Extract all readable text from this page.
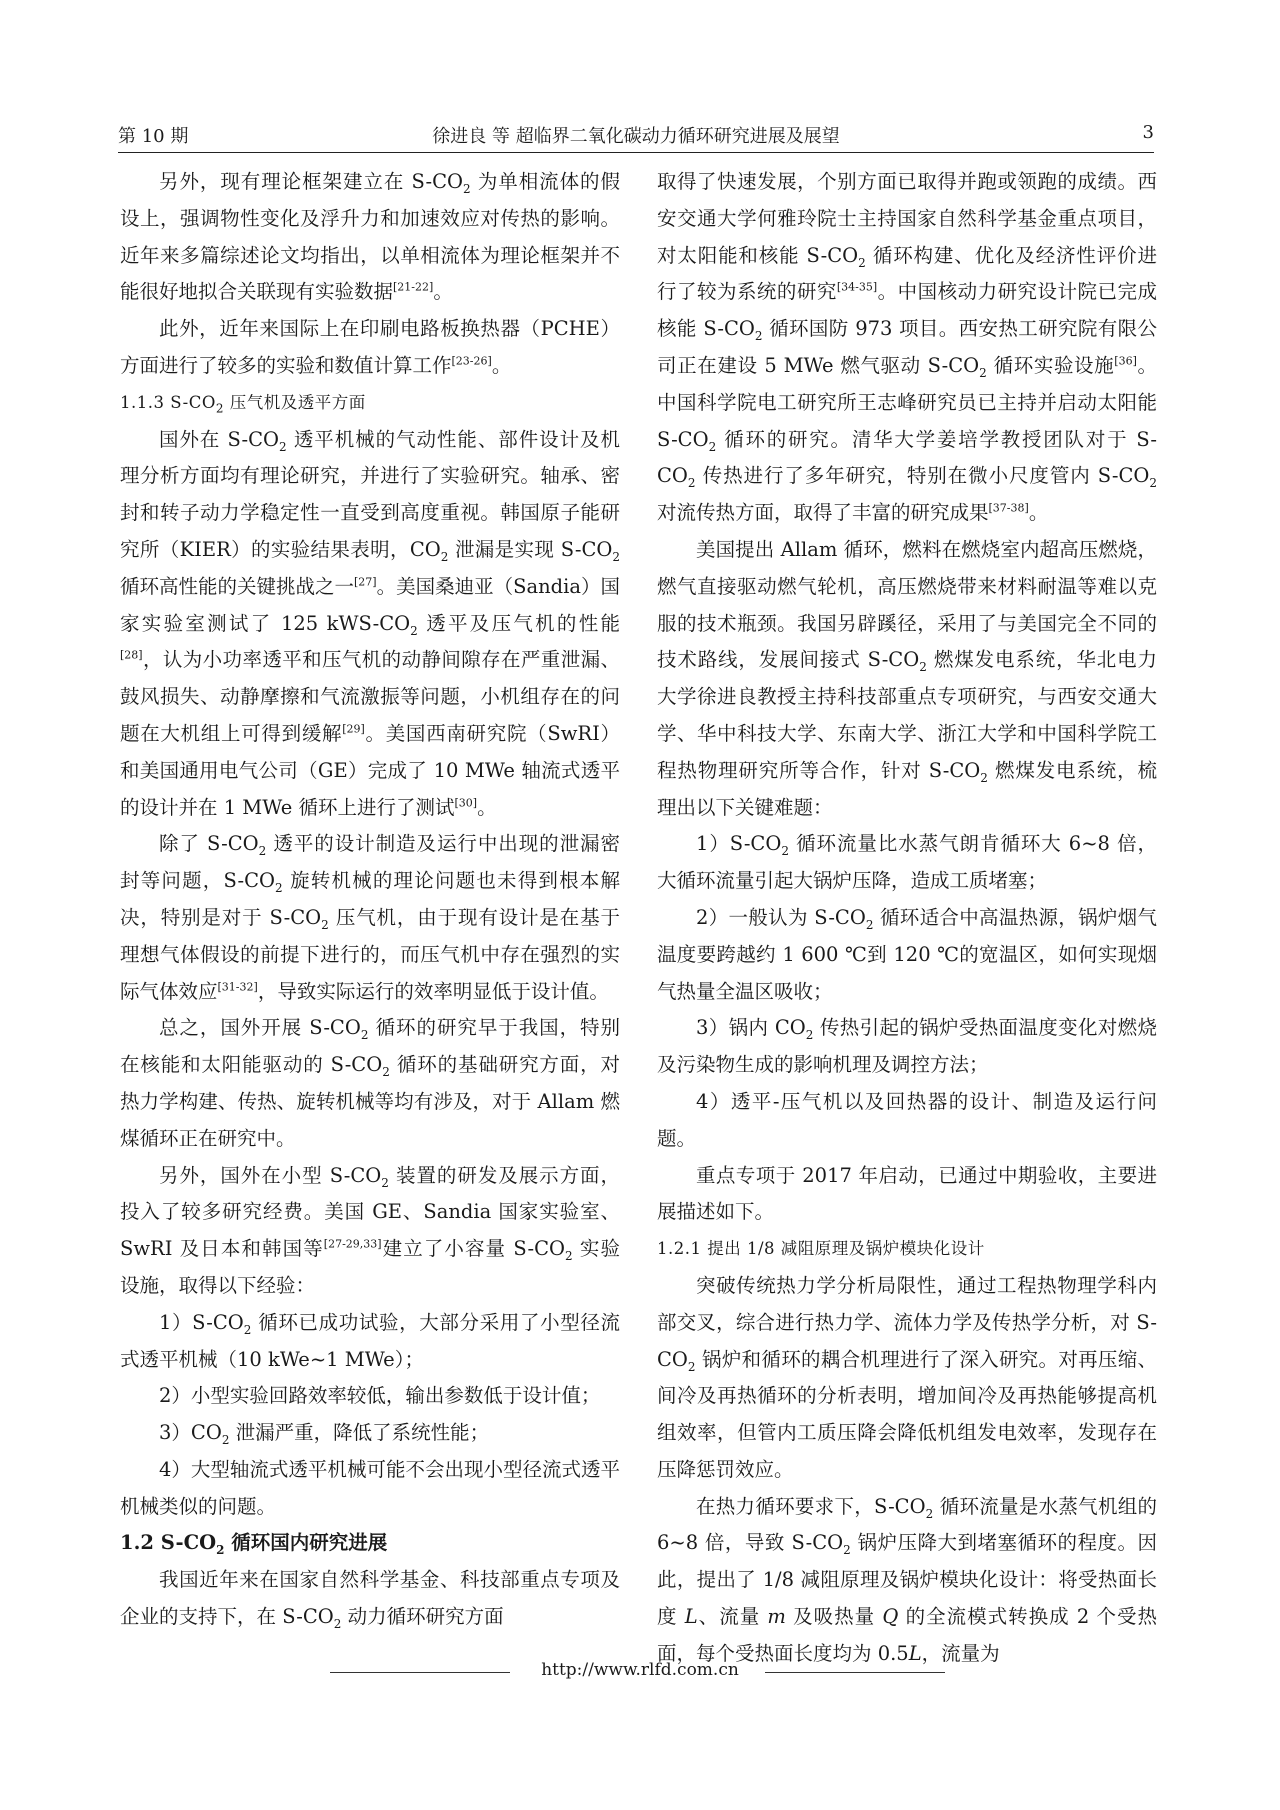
第 10 期	徐进良 等 超临界二氧化碳动力循环研究进展及展望	3

另外，现有理论框架建立在 $S-CO_2$ 为单相流体的假设上，强调物性变化及浮升力和加速效应对传热的影响。近年来多篇综述论文均指出，以单相流体为理论框架并不能很好地拟合关联现有实验数据[21-22]。

此外，近年来国际上在印刷电路板换热器（PCHE）方面进行了较多的实验和数值计算工作[23-26]。

1.1.3 $S-CO_2$ 压气机及透平方面

国外在 $S-CO_2$ 透平机械的气动性能、部件设计及机理分析方面均有理论研究，并进行了实验研究。轴承、密封和转子动力学稳定性一直受到高度重视。韩国原子能研究所（KIER）的实验结果表明，$CO_2$ 泄漏是实现 $S-CO_2$ 循环高性能的关键挑战之一[27]。美国桑迪亚（Sandia）国家实验室测试了 125 kWS-$CO_2$ 透平及压气机的性能[28]，认为小功率透平和压气机的动静间隙存在严重泄漏、鼓风损失、动静摩擦和气流激振等问题，小机组存在的问题在大机组上可得到缓解[29]。美国西南研究院（SwRI）和美国通用电气公司（GE）完成了 10 MWe 轴流式透平的设计并在 1 MWe 循环上进行了测试[30]。

除了 $S-CO_2$ 透平的设计制造及运行中出现的泄漏密封等问题，$S-CO_2$ 旋转机械的理论问题也未得到根本解决，特别是对于 $S-CO_2$ 压气机，由于现有设计是在基于理想气体假设的前提下进行的，而压气机中存在强烈的实际气体效应[31-32]，导致实际运行的效率明显低于设计值。

总之，国外开展 $S-CO_2$ 循环的研究早于我国，特别在核能和太阳能驱动的 $S-CO_2$ 循环的基础研究方面，对热力学构建、传热、旋转机械等均有涉及，对于 Allam 燃煤循环正在研究中。

另外，国外在小型 $S-CO_2$ 装置的研发及展示方面，投入了较多研究经费。美国 GE、Sandia 国家实验室、SwRI 及日本和韩国等[27-29,33]建立了小容量 $S-CO_2$ 实验设施，取得以下经验：

$1)S-CO_2$ 循环已成功试验，大部分采用了小型径流式透平机械（10 kWe~1 MWe）；

2）小型实验回路效率较低，输出参数低于设计值；

$3)CO_2$ 泄漏严重，降低了系统性能；

4）大型轴流式透平机械可能不会出现小型径流式透平机械类似的问题。

1.2 $S-CO_2$ 循环国内研究进展

我国近年来在国家自然科学基金、科技部重点专项及企业的支持下，在 $S-CO_2$ 动力循环研究方面

取得了快速发展，个别方面已取得并跑或领跑的成绩。西安交通大学何雅玲院士主持国家自然科学基金重点项目，对太阳能和核能 $S-CO_2$ 循环构建、优化及经济性评价进行了较为系统的研究[34-35]。中国核动力研究设计院已完成核能 $S-CO_2$ 循环国防 973 项目。西安热工研究院有限公司正在建设 5 MWe 燃气驱动 $S-CO_2$ 循环实验设施[36]。中国科学院电工研究所王志峰研究员已主持并启动太阳能 $S-CO_2$ 循环的研究。清华大学姜培学教授团队对于 $S-CO_2$ 传热进行了多年研究，特别在微小尺度管内 $S-CO_2$ 对流传热方面，取得了丰富的研究成果[37-38]。

美国提出 Allam 循环，燃料在燃烧室内超高压燃烧，燃气直接驱动燃气轮机，高压燃烧带来材料耐温等难以克服的技术瓶颈。我国另辟蹊径，采用了与美国完全不同的技术路线，发展间接式 $S-CO_2$ 燃煤发电系统，华北电力大学徐进良教授主持科技部重点专项研究，与西安交通大学、华中科技大学、东南大学、浙江大学和中国科学院工程热物理研究所等合作，针对 $S-CO_2$ 燃煤发电系统，梳理出以下关键难题：

$1)S-CO_2$ 循环流量比水蒸气朗肯循环大 6~8 倍，大循环流量引起大锅炉压降，造成工质堵塞；

2）一般认为 $S-CO_2$ 循环适合中高温热源，锅炉烟气温度要跨越约 1 600 ℃到 120 ℃的宽温区，如何实现烟气热量全温区吸收；

3）锅内 $CO_2$ 传热引起的锅炉受热面温度变化对燃烧及污染物生成的影响机理及调控方法；

4）透平-压气机以及回热器的设计、制造及运行问题。

重点专项于 2017 年启动，已通过中期验收，主要进展描述如下。

1.2.1 提出 1/8 减阻原理及锅炉模块化设计

突破传统热力学分析局限性，通过工程热物理学科内部交叉，综合进行热力学、流体力学及传热学分析，对 $S-CO_2$ 锅炉和循环的耦合机理进行了深入研究。对再压缩、间冷及再热循环的分析表明，增加间冷及再热能够提高机组效率，但管内工质压降会降低机组发电效率，发现存在压降惩罚效应。

在热力循环要求下，$S-CO_2$ 循环流量是水蒸气机组的 6~8 倍，导致 $S-CO_2$ 锅炉压降大到堵塞循环的程度。因此，提出了 1/8 减阻原理及锅炉模块化设计：将受热面长度 L、流量 m 及吸热量 Q 的全流模式转换成 2 个受热面，每个受热面长度均为 0.5L，流量为

http://www.rlfd.com.cn
